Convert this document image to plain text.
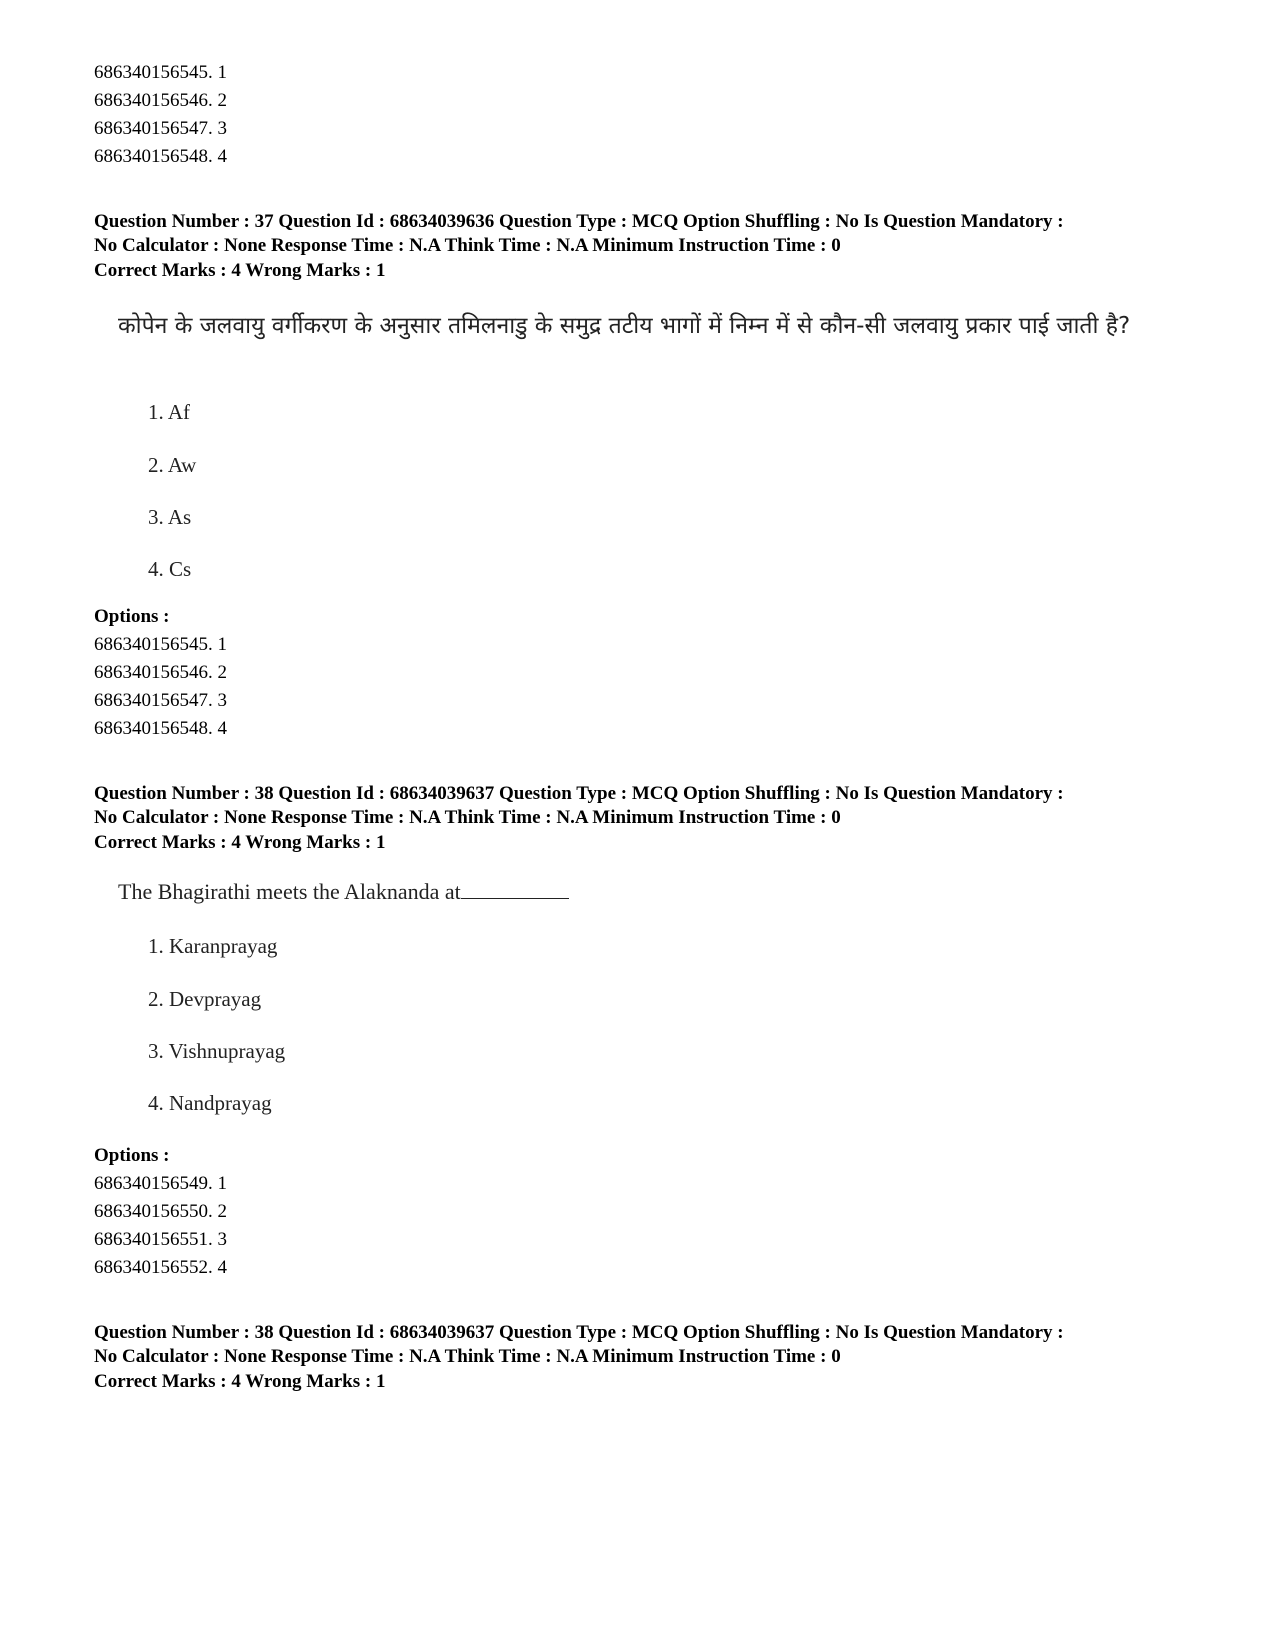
686340156545. 1
686340156546. 2
686340156547. 3
686340156548. 4
Question Number : 37 Question Id : 68634039636 Question Type : MCQ Option Shuffling : No Is Question Mandatory :
No Calculator : None Response Time : N.A Think Time : N.A Minimum Instruction Time : 0
Correct Marks : 4 Wrong Marks : 1
कोपेन के जलवायु वर्गीकरण के अनुसार तमिलनाडु के समुद्र तटीय भागों में निम्न में से कौन-सी जलवायु प्रकार पाई जाती है?
1. Af
2. Aw
3. As
4. Cs
Options :
686340156545. 1
686340156546. 2
686340156547. 3
686340156548. 4
Question Number : 38 Question Id : 68634039637 Question Type : MCQ Option Shuffling : No Is Question Mandatory :
No Calculator : None Response Time : N.A Think Time : N.A Minimum Instruction Time : 0
Correct Marks : 4 Wrong Marks : 1
The Bhagirathi meets the Alaknanda at
1. Karanprayag
2. Devprayag
3. Vishnuprayag
4. Nandprayag
Options :
686340156549. 1
686340156550. 2
686340156551. 3
686340156552. 4
Question Number : 38 Question Id : 68634039637 Question Type : MCQ Option Shuffling : No Is Question Mandatory :
No Calculator : None Response Time : N.A Think Time : N.A Minimum Instruction Time : 0
Correct Marks : 4 Wrong Marks : 1
